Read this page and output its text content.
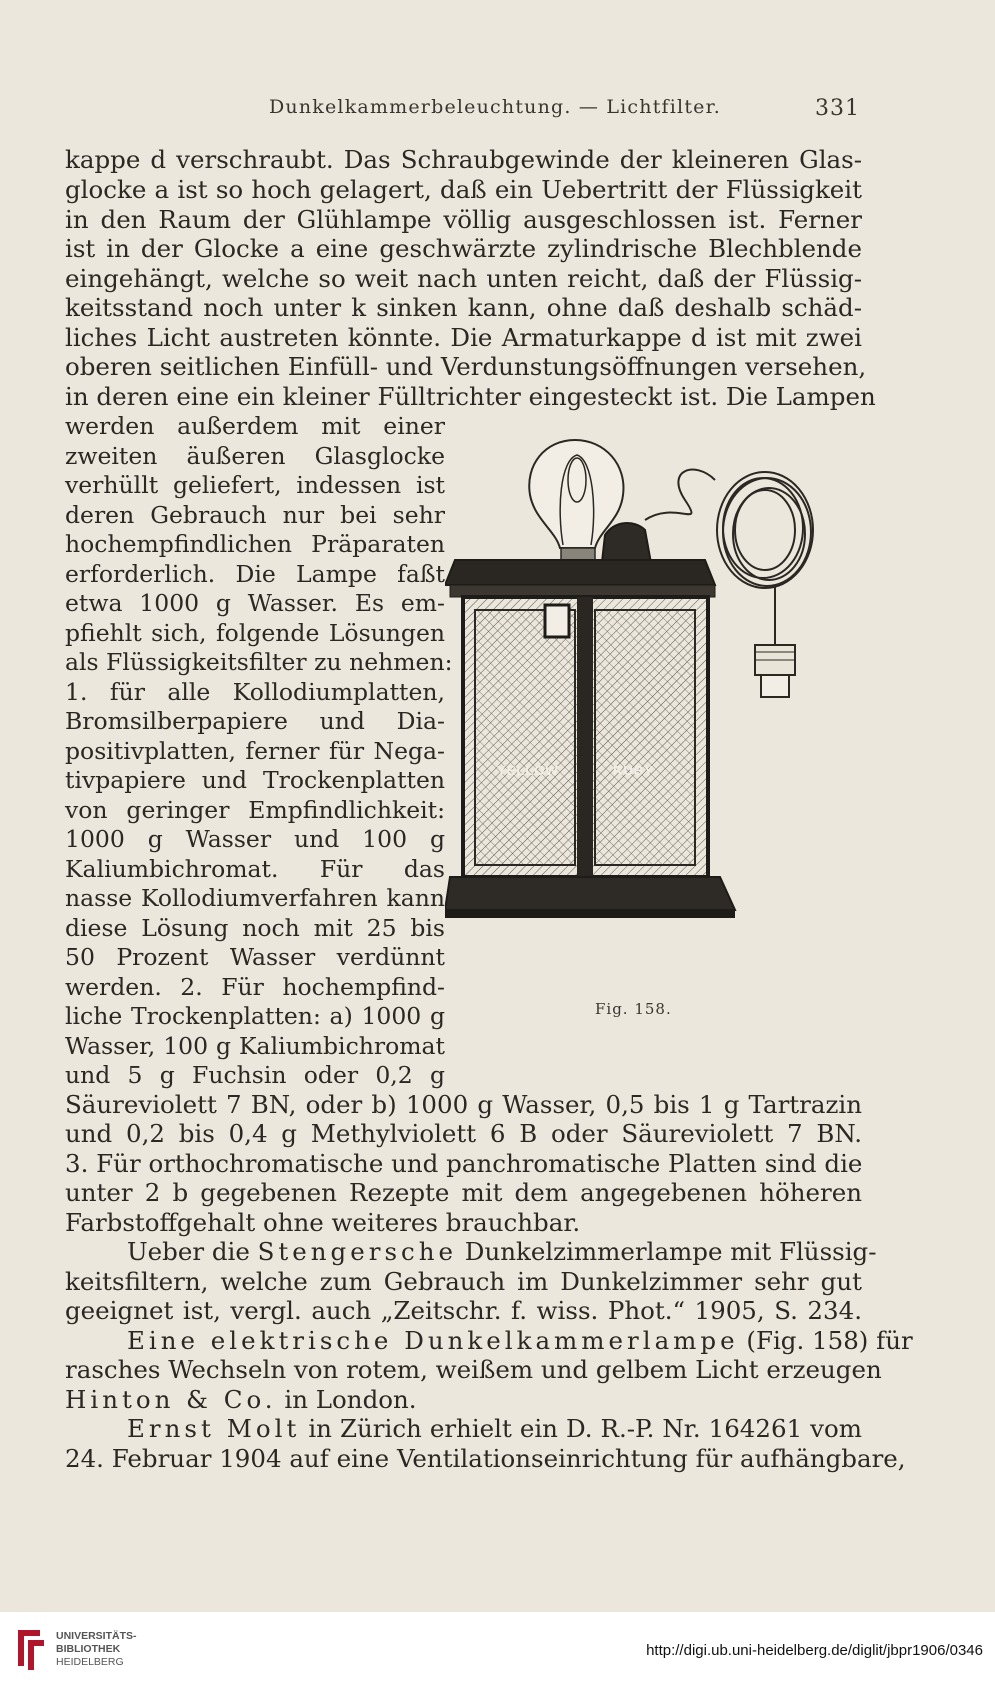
Dunkelkammerbeleuchtung. — Lichtfilter.	331
kappe d verschraubt. Das Schraubgewinde der kleineren Glas-
glocke a ist so hoch gelagert, daß ein Uebertritt der Flüssigkeit
in den Raum der Glühlampe völlig ausgeschlossen ist. Ferner
ist in der Glocke a eine geschwärzte zylindrische Blechblende
eingehängt, welche so weit nach unten reicht, daß der Flüssig-
keitsstand noch unter k sinken kann, ohne daß deshalb schäd-
liches Licht austreten könnte. Die Armaturkappe d ist mit zwei
oberen seitlichen Einfüll- und Verdunstungsöffnungen versehen,
in deren eine ein kleiner Fülltrichter eingesteckt ist. Die Lampen
werden außerdem mit einer
zweiten äußeren Glasglocke
verhüllt geliefert, indessen ist
deren Gebrauch nur bei sehr
hochempfindlichen Präparaten
erforderlich. Die Lampe faßt
etwa 1000 g Wasser. Es em-
pfiehlt sich, folgende Lösungen
als Flüssigkeitsfilter zu nehmen:
1. für alle Kollodiumplatten,
Bromsilberpapiere und Dia-
positivplatten, ferner für Nega-
tivpapiere und Trockenplatten
von geringer Empfindlichkeit:
1000 g Wasser und 100 g
Kaliumbichromat. Für das
nasse Kollodiumverfahren kann
diese Lösung noch mit 25 bis
50 Prozent Wasser verdünnt
werden. 2. Für hochempfind-
liche Trockenplatten: a) 1000 g
Wasser, 100 g Kaliumbichromat
und 5 g Fuchsin oder 0,2 g
YELLOW	RUBY
Fig. 158.
Säureviolett 7 BN, oder b) 1000 g Wasser, 0,5 bis 1 g Tartrazin
und 0,2 bis 0,4 g Methylviolett 6 B oder Säureviolett 7 BN.
3. Für orthochromatische und panchromatische Platten sind die
unter 2 b gegebenen Rezepte mit dem angegebenen höheren
Farbstoffgehalt ohne weiteres brauchbar.
Ueber die Stengersche Dunkelzimmerlampe mit Flüssig-
keitsfiltern, welche zum Gebrauch im Dunkelzimmer sehr gut
geeignet ist, vergl. auch „Zeitschr. f. wiss. Phot.“ 1905, S. 234.
Eine elektrische Dunkelkammerlampe (Fig. 158) für
rasches Wechseln von rotem, weißem und gelbem Licht erzeugen
Hinton & Co. in London.
Ernst Molt in Zürich erhielt ein D. R.-P. Nr. 164261 vom
24. Februar 1904 auf eine Ventilationseinrichtung für aufhängbare,
UNIVERSITÄTS-
BIBLIOTHEK
HEIDELBERG
http://digi.ub.uni-heidelberg.de/diglit/jbpr1906/0346
